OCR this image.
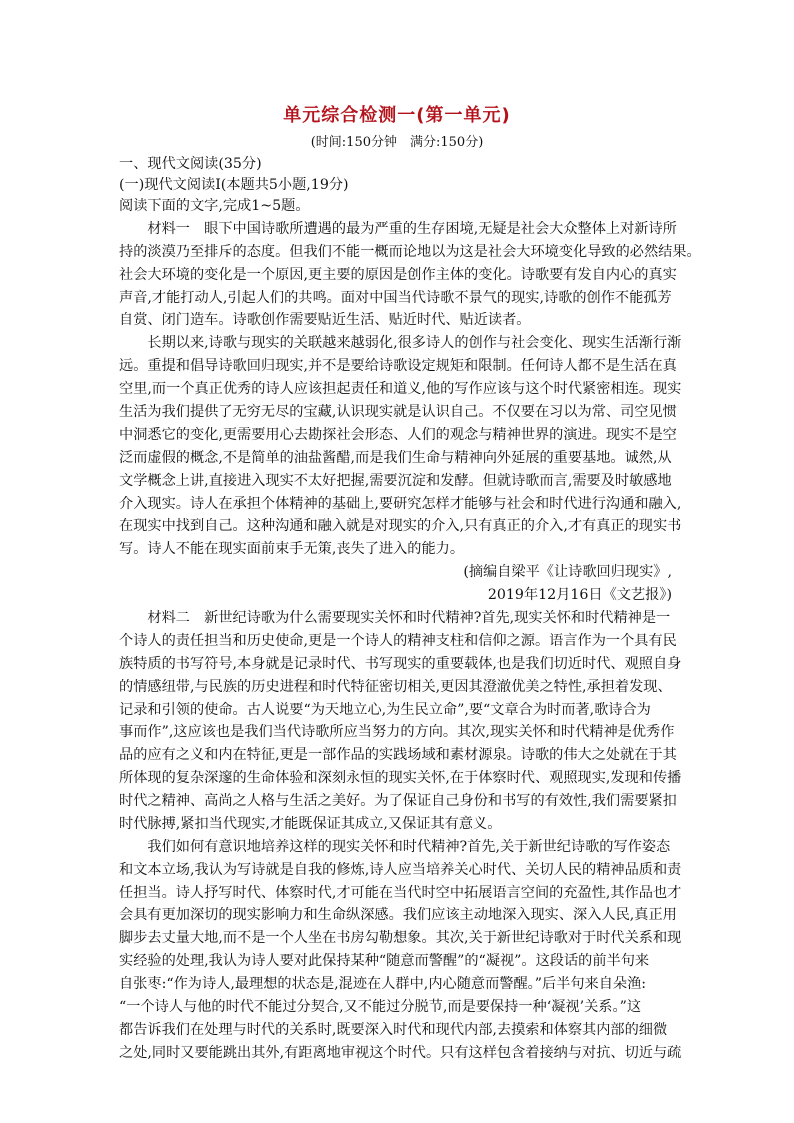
单元综合检测一(第一单元)
(时间:150分钟　满分:150分)
一、现代文阅读(35分)
(一)现代文阅读Ⅰ(本题共5小题,19分)
阅读下面的文字,完成1~5题。
　　材料一　眼下中国诗歌所遭遇的最为严重的生存困境,无疑是社会大众整体上对新诗所
持的淡漠乃至排斥的态度。但我们不能一概而论地以为这是社会大环境变化导致的必然结果。
社会大环境的变化是一个原因,更主要的原因是创作主体的变化。诗歌要有发自内心的真实
声音,才能打动人,引起人们的共鸣。面对中国当代诗歌不景气的现实,诗歌的创作不能孤芳
自赏、闭门造车。诗歌创作需要贴近生活、贴近时代、贴近读者。
　　长期以来,诗歌与现实的关联越来越弱化,很多诗人的创作与社会变化、现实生活渐行渐
远。重提和倡导诗歌回归现实,并不是要给诗歌设定规矩和限制。任何诗人都不是生活在真
空里,而一个真正优秀的诗人应该担起责任和道义,他的写作应该与这个时代紧密相连。现实
生活为我们提供了无穷无尽的宝藏,认识现实就是认识自己。不仅要在习以为常、司空见惯
中洞悉它的变化,更需要用心去勘探社会形态、人们的观念与精神世界的演进。现实不是空
泛而虚假的概念,不是简单的油盐酱醋,而是我们生命与精神向外延展的重要基地。诚然,从
文学概念上讲,直接进入现实不太好把握,需要沉淀和发酵。但就诗歌而言,需要及时敏感地
介入现实。诗人在承担个体精神的基础上,要研究怎样才能够与社会和时代进行沟通和融入,
在现实中找到自己。这种沟通和融入就是对现实的介入,只有真正的介入,才有真正的现实书
写。诗人不能在现实面前束手无策,丧失了进入的能力。
(摘编自梁平《让诗歌回归现实》,
2019年12月16日《文艺报》)
　　材料二　新世纪诗歌为什么需要现实关怀和时代精神?首先,现实关怀和时代精神是一
个诗人的责任担当和历史使命,更是一个诗人的精神支柱和信仰之源。语言作为一个具有民
族特质的书写符号,本身就是记录时代、书写现实的重要载体,也是我们切近时代、观照自身
的情感纽带,与民族的历史进程和时代特征密切相关,更因其澄澈优美之特性,承担着发现、
记录和引领的使命。古人说要“为天地立心,为生民立命”,要“文章合为时而著,歌诗合为
事而作”,这应该也是我们当代诗歌所应当努力的方向。其次,现实关怀和时代精神是优秀作
品的应有之义和内在特征,更是一部作品的实践场域和素材源泉。诗歌的伟大之处就在于其
所体现的复杂深邃的生命体验和深刻永恒的现实关怀,在于体察时代、观照现实,发现和传播
时代之精神、高尚之人格与生活之美好。为了保证自己身份和书写的有效性,我们需要紧扣
时代脉搏,紧扣当代现实,才能既保证其成立,又保证其有意义。
　　我们如何有意识地培养这样的现实关怀和时代精神?首先,关于新世纪诗歌的写作姿态
和文本立场,我认为写诗就是自我的修炼,诗人应当培养关心时代、关切人民的精神品质和责
任担当。诗人抒写时代、体察时代,才可能在当代时空中拓展语言空间的充盈性,其作品也才
会具有更加深切的现实影响力和生命纵深感。我们应该主动地深入现实、深入人民,真正用
脚步去丈量大地,而不是一个人坐在书房勾勒想象。其次,关于新世纪诗歌对于时代关系和现
实经验的处理,我认为诗人要对此保持某种“随意而警醒”的“凝视”。这段话的前半句来
自张枣:“作为诗人,最理想的状态是,混迹在人群中,内心随意而警醒。”后半句来自朵渔:
“一个诗人与他的时代不能过分契合,又不能过分脱节,而是要保持一种‘凝视’关系。”这
都告诉我们在处理与时代的关系时,既要深入时代和现代内部,去摸索和体察其内部的细微
之处,同时又要能跳出其外,有距离地审视这个时代。只有这样包含着接纳与对抗、切近与疏
